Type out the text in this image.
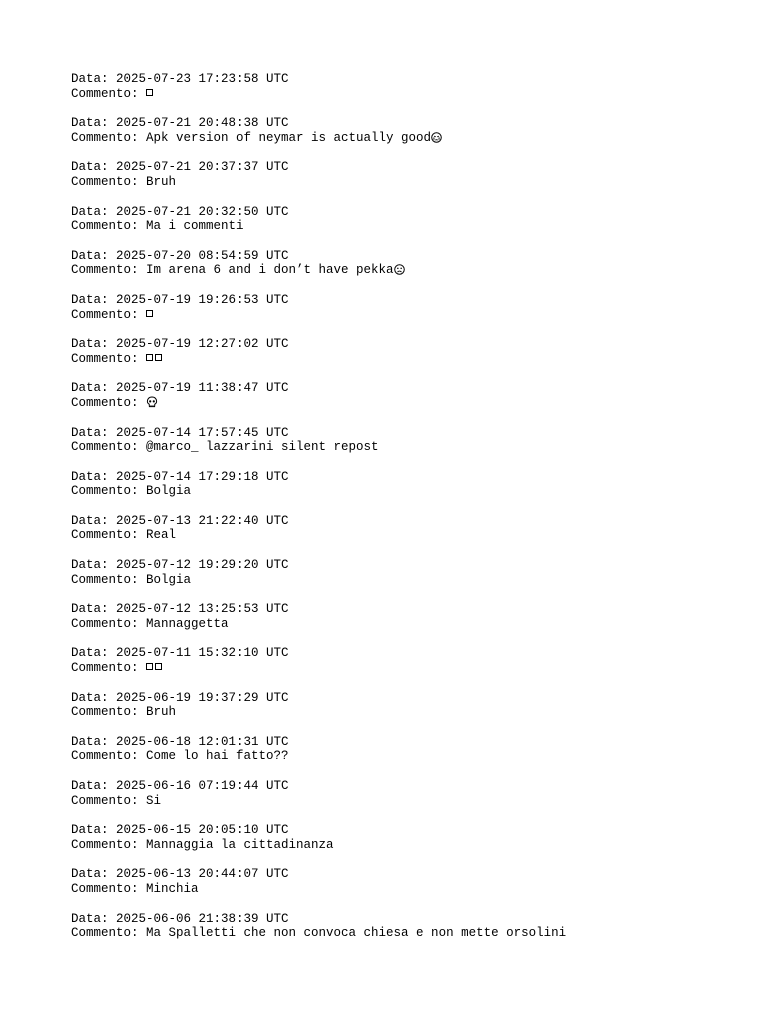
Data: 2025-07-23 17:23:58 UTC
Commento:
Data: 2025-07-21 20:48:38 UTC
Commento: Apk version of neymar is actually good
Data: 2025-07-21 20:37:37 UTC
Commento: Bruh
Data: 2025-07-21 20:32:50 UTC
Commento: Ma i commenti
Data: 2025-07-20 08:54:59 UTC
Commento: Im arena 6 and i don’t have pekka
Data: 2025-07-19 19:26:53 UTC
Commento:
Data: 2025-07-19 12:27:02 UTC
Commento:
Data: 2025-07-19 11:38:47 UTC
Commento:
Data: 2025-07-14 17:57:45 UTC
Commento: @marco_ lazzarini silent repost
Data: 2025-07-14 17:29:18 UTC
Commento: Bolgia
Data: 2025-07-13 21:22:40 UTC
Commento: Real
Data: 2025-07-12 19:29:20 UTC
Commento: Bolgia
Data: 2025-07-12 13:25:53 UTC
Commento: Mannaggetta
Data: 2025-07-11 15:32:10 UTC
Commento:
Data: 2025-06-19 19:37:29 UTC
Commento: Bruh
Data: 2025-06-18 12:01:31 UTC
Commento: Come lo hai fatto??
Data: 2025-06-16 07:19:44 UTC
Commento: Si
Data: 2025-06-15 20:05:10 UTC
Commento: Mannaggia la cittadinanza
Data: 2025-06-13 20:44:07 UTC
Commento: Minchia
Data: 2025-06-06 21:38:39 UTC
Commento: Ma Spalletti che non convoca chiesa e non mette orsolini
